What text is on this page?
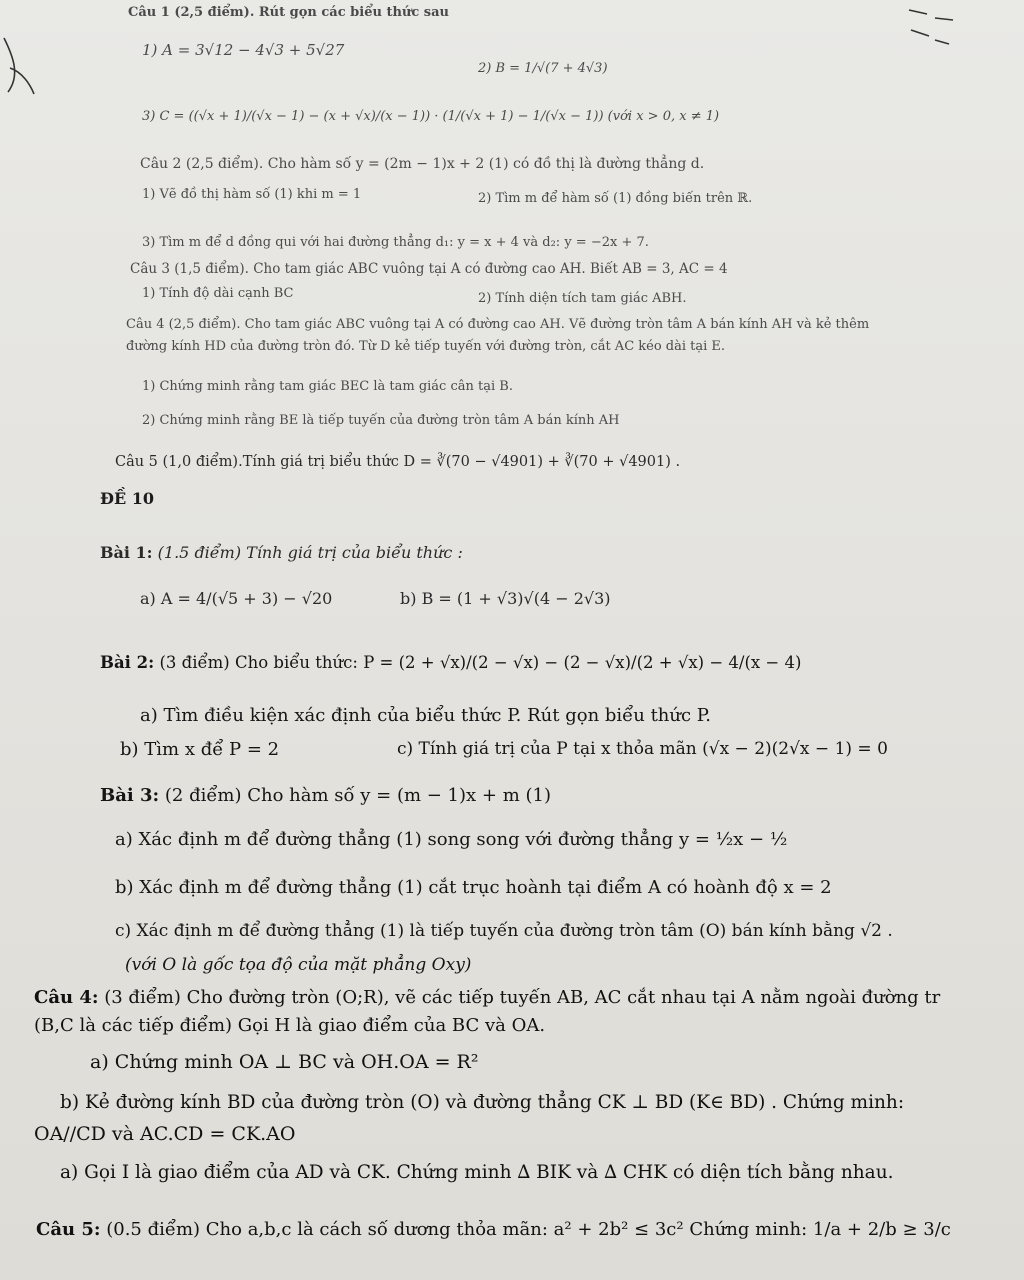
Câu 1 (2,5 điểm). Rút gọn các biểu thức sau
1) A = 3√12 − 4√3 + 5√27
2) B = 1/√(7 + 4√3)
3) C = ((√x + 1)/(√x − 1) − (x + √x)/(x − 1)) · (1/(√x + 1) − 1/(√x − 1)) (với x > 0, x ≠ 1)
Câu 2 (2,5 điểm). Cho hàm số y = (2m − 1)x + 2 (1) có đồ thị là đường thẳng d.
1) Vẽ đồ thị hàm số (1) khi m = 1	2) Tìm m để hàm số (1) đồng biến trên ℝ.
3) Tìm m để d đồng qui với hai đường thẳng d₁: y = x + 4 và d₂: y = −2x + 7.
Câu 3 (1,5 điểm). Cho tam giác ABC vuông tại A có đường cao AH. Biết AB = 3, AC = 4
1) Tính độ dài cạnh BC	2) Tính diện tích tam giác ABH.
Câu 4 (2,5 điểm). Cho tam giác ABC vuông tại A có đường cao AH. Vẽ đường tròn tâm A bán kính AH và kẻ thêm
đường kính HD của đường tròn đó. Từ D kẻ tiếp tuyến với đường tròn, cắt AC kéo dài tại E.
1) Chứng minh rằng tam giác BEC là tam giác cân tại B.
2) Chứng minh rằng BE là tiếp tuyến của đường tròn tâm A bán kính AH
Câu 5 (1,0 điểm).Tính giá trị biểu thức D = ∛(70 − √4901) + ∛(70 + √4901) .
ĐỀ 10
Bài 1: (1.5 điểm) Tính giá trị của biểu thức :
a) A = 4/(√5 + 3) − √20	b) B = (1 + √3)√(4 − 2√3)
Bài 2: (3 điểm) Cho biểu thức: P = (2 + √x)/(2 − √x) − (2 − √x)/(2 + √x) − 4/(x − 4)
a) Tìm điều kiện xác định của biểu thức P. Rút gọn biểu thức P.
b) Tìm x để P = 2	c) Tính giá trị của P tại x thỏa mãn (√x − 2)(2√x − 1) = 0
Bài 3: (2 điểm) Cho hàm số y = (m − 1)x + m (1)
a) Xác định m để đường thẳng (1) song song với đường thẳng y = ½x − ½
b) Xác định m để đường thẳng (1) cắt trục hoành tại điểm A có hoành độ x = 2
c) Xác định m để đường thẳng (1) là tiếp tuyến của đường tròn tâm (O) bán kính bằng √2 .
(với O là gốc tọa độ của mặt phẳng Oxy)
Câu 4: (3 điểm) Cho đường tròn (O;R), vẽ các tiếp tuyến AB, AC cắt nhau tại A nằm ngoài đường tr
(B,C là các tiếp điểm) Gọi H là giao điểm của BC và OA.
a) Chứng minh OA ⊥ BC và OH.OA = R²
b) Kẻ đường kính BD của đường tròn (O) và đường thẳng CK ⊥ BD (K∈ BD) . Chứng minh:
OA//CD và AC.CD = CK.AO
a) Gọi I là giao điểm của AD và CK. Chứng minh ∆ BIK và ∆ CHK có diện tích bằng nhau.
Câu 5: (0.5 điểm) Cho a,b,c là cách số dương thỏa mãn: a² + 2b² ≤ 3c² Chứng minh: 1/a + 2/b ≥ 3/c
